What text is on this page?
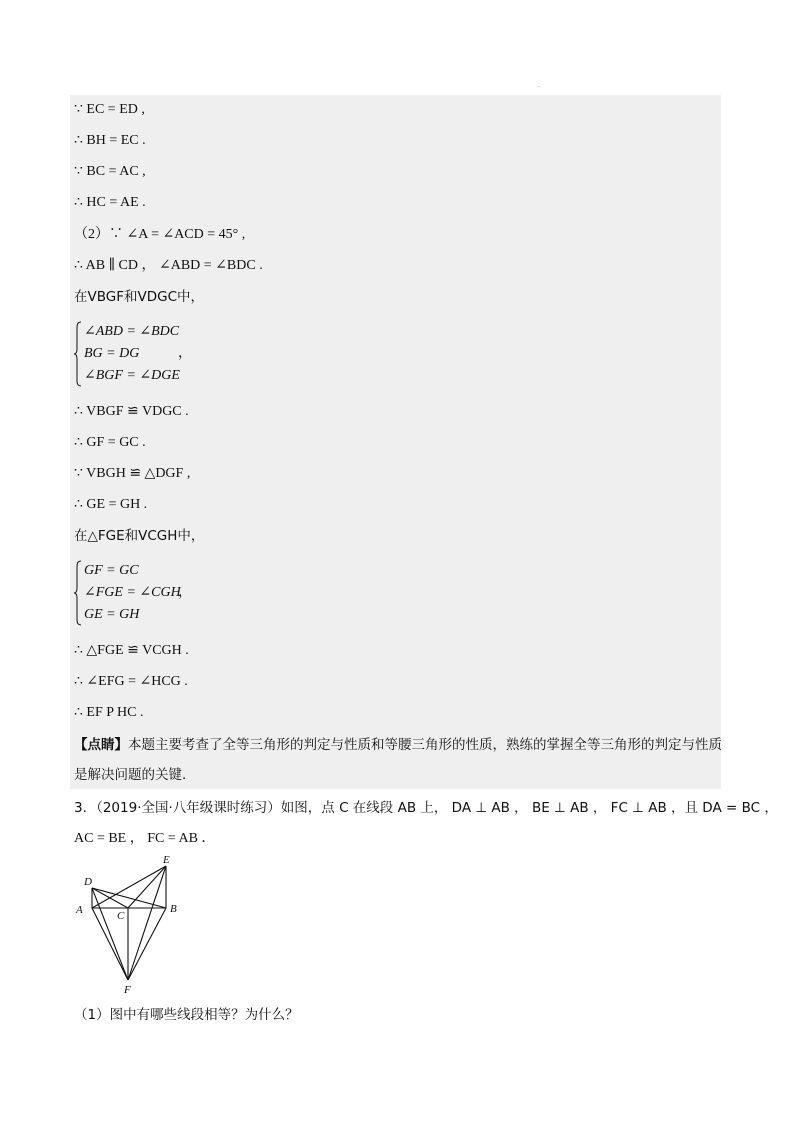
.
∵ EC = ED ,
∴ BH = EC .
∵ BC = AC ,
∴ HC = AE .
（2）∵ ∠A = ∠ACD = 45° ,
∴ AB ∥ CD ， ∠ABD = ∠BDC .
在VBGF和VDGC中，
∠ABD = ∠BDC
BG = DG
∠BGF = ∠DGE
，
∴ VBGF ≌ VDGC .
∴ GF = GC .
∵ VBGH ≌ △DGF ,
∴ GE = GH .
在△FGE和VCGH中，
GF = GC
∠FGE = ∠CGH
GE = GH
，
∴ △FGE ≌ VCGH .
∴ ∠EFG = ∠HCG .
∴ EF P HC .
【点睛】本题主要考查了全等三角形的判定与性质和等腰三角形的性质，熟练的掌握全等三角形的判定与性质是解决问题的关键．
3．（2019·全国·八年级课时练习）如图，点 C 在线段 AB 上， DA ⊥ AB ， BE ⊥ AB ， FC ⊥ AB ，且 DA = BC ，
AC = BE ， FC = AB ．
D
A	C
B
E
F
（1）图中有哪些线段相等？为什么？
